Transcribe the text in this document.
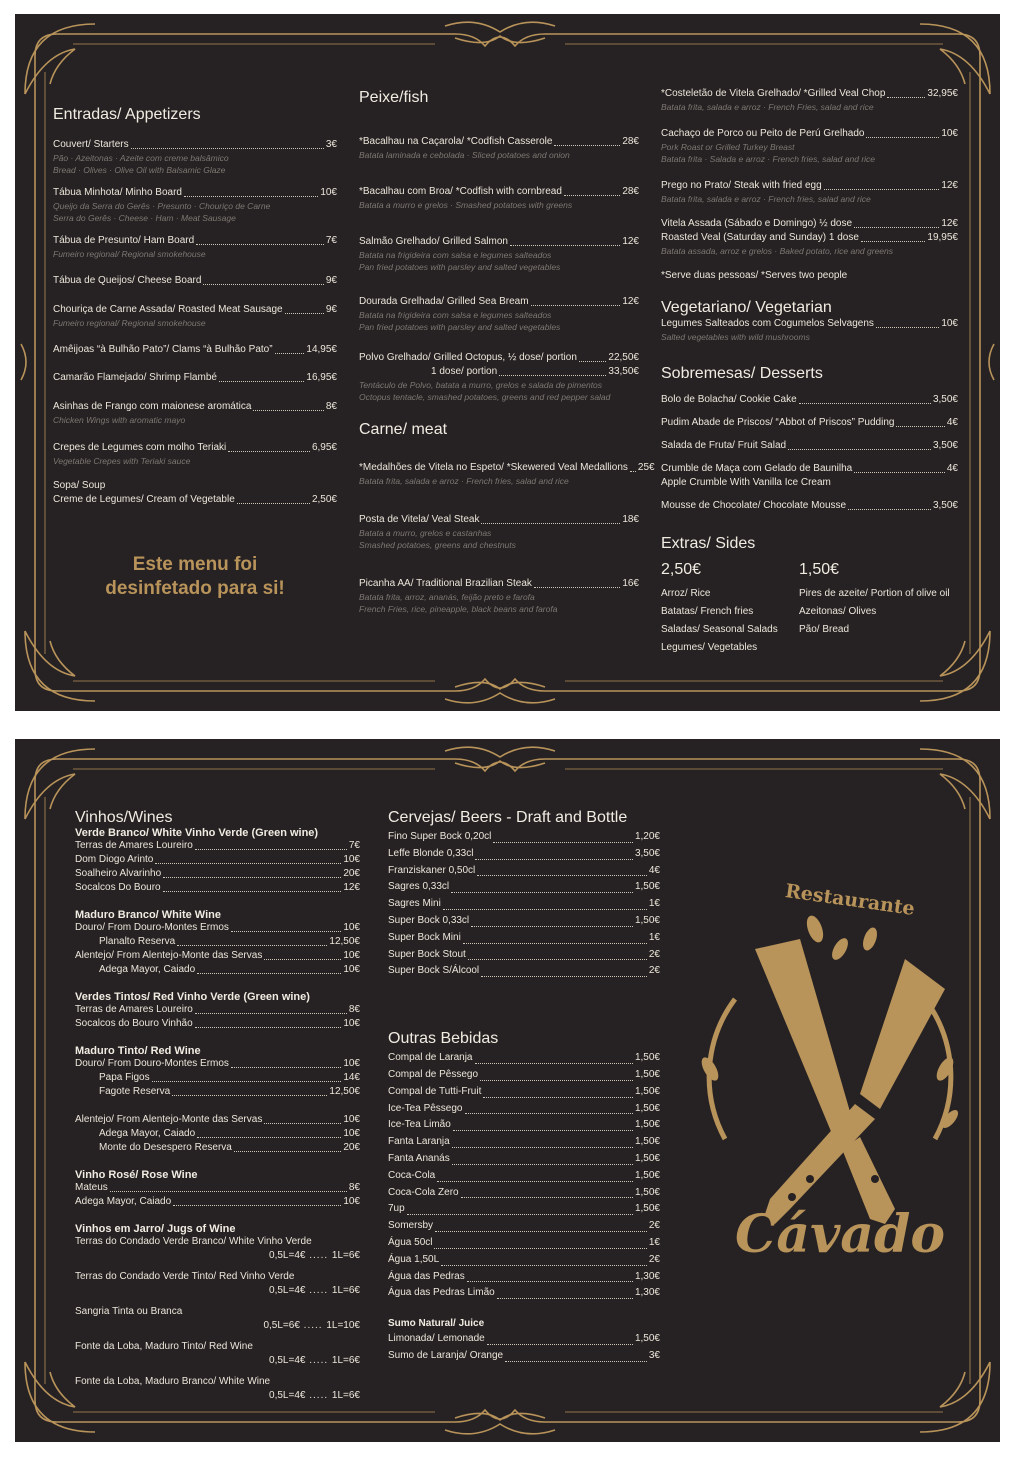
Entradas/ Appetizers
Couvert/ Starters	3€
Pão · Azeitonas · Azeite com creme balsâmico
Bread · Olives · Olive Oil with Balsamic Glaze
Tábua Minhota/ Minho Board	10€
Queijo da Serra do Gerês · Presunto · Chouriço de Carne
Serra do Gerês · Cheese · Ham · Meat Sausage
Tábua de Presunto/ Ham Board	7€
Fumeiro regional/ Regional smokehouse
Tábua de Queijos/ Cheese Board	9€
Chouriça de Carne Assada/ Roasted Meat Sausage	9€
Fumeiro regional/ Regional smokehouse
Amêijoas “à Bulhão Pato”/ Clams “à Bulhão Pato”	14,95€
Camarão Flamejado/ Shrimp Flambé	16,95€
Asinhas de Frango com maionese aromática	8€
Chicken Wings with aromatic mayo
Crepes de Legumes com molho Teriaki	6,95€
Vegetable Crepes with Teriaki sauce
Sopa/ Soup
Creme de Legumes/ Cream of Vegetable	2,50€
Este menu foi
desinfetado para si!
Peixe/fish
*Bacalhau na Caçarola/ *Codfish Casserole	28€
Batata laminada e cebolada · Sliced potatoes and onion
*Bacalhau com Broa/ *Codfish with cornbread	28€
Batata a murro e grelos · Smashed potatoes with greens
Salmão Grelhado/ Grilled Salmon	12€
Batata na frigideira com salsa e legumes salteados
Pan fried potatoes with parsley and salted vegetables
Dourada Grelhada/ Grilled Sea Bream	12€
Batata na frigideira com salsa e legumes salteados
Pan fried potatoes with parsley and salted vegetables
Polvo Grelhado/ Grilled Octopus, ½ dose/ portion	22,50€
1 dose/ portion	33,50€
Tentáculo de Polvo, batata a murro, grelos e salada de pimentos
Octopus tentacle, smashed potatoes, greens and red pepper salad
Carne/ meat
*Medalhões de Vitela no Espeto/ *Skewered Veal Medallions 25€
Batata frita, salada e arroz · French fries, salad and rice
Posta de Vitela/ Veal Steak	18€
Batata a murro, grelos e castanhas
Smashed potatoes, greens and chestnuts
Picanha AA/ Traditional Brazilian Steak	16€
Batata frita, arroz, ananás, feijão preto e farofa
French Fries, rice, pineapple, black beans and farofa
*Costeletão de Vitela Grelhado/ *Grilled Veal Chop	32,95€
Batata frita, salada e arroz · French Fries, salad and rice
Cachaço de Porco ou Peito de Perú Grelhado	10€
Pork Roast or Grilled Turkey Breast
Batata frita · Salada e arroz · French fries, salad and rice
Prego no Prato/ Steak with fried egg	12€
Batata frita, salada e arroz · French fries, salad and rice
Vitela Assada (Sábado e Domingo) ½ dose	12€
Roasted Veal (Saturday and Sunday) 1 dose	19,95€
Batata assada, arroz e grelos · Baked potato, rice and greens
*Serve duas pessoas/ *Serves two people
Vegetariano/ Vegetarian
Legumes Salteados com Cogumelos Selvagens	10€
Salted vegetables with wild mushrooms
Sobremesas/ Desserts
Bolo de Bolacha/ Cookie Cake	3,50€
Pudim Abade de Priscos/ “Abbot of Priscos” Pudding	4€
Salada de Fruta/ Fruit Salad	3,50€
Crumble de Maça com Gelado de Baunilha	4€
Apple Crumble With Vanilla Ice Cream
Mousse de Chocolate/ Chocolate Mousse	3,50€
Extras/ Sides
2,50€
Arroz/ Rice
Batatas/ French fries
Saladas/ Seasonal Salads
Legumes/ Vegetables
1,50€
Pires de azeite/ Portion of olive oil
Azeitonas/ Olives
Pão/ Bread
Vinhos/Wines
Verde Branco/ White Vinho Verde (Green wine)
Terras de Amares Loureiro	7€
Dom Diogo Arinto	10€
Soalheiro Alvarinho	20€
Socalcos Do Bouro	12€
Maduro Branco/ White Wine
Douro/ From Douro-Montes Ermos	10€
Planalto Reserva	12,50€
Alentejo/ From Alentejo-Monte das Servas	10€
Adega Mayor, Caiado	10€
Verdes Tintos/ Red Vinho Verde (Green wine)
Terras de Amares Loureiro	8€
Socalcos do Bouro Vinhão	10€
Maduro Tinto/ Red Wine
Douro/ From Douro-Montes Ermos	10€
Papa Figos	14€
Fagote Reserva	12,50€
Alentejo/ From Alentejo-Monte das Servas	10€
Adega Mayor, Caiado	10€
Monte do Desespero Reserva	20€
Vinho Rosé/ Rose Wine
Mateus	8€
Adega Mayor, Caiado	10€
Vinhos em Jarro/ Jugs of Wine
Terras do Condado Verde Branco/ White Vinho Verde
0,5L=4€ ..... 1L=6€
Terras do Condado Verde Tinto/ Red Vinho Verde
0,5L=4€ ..... 1L=6€
Sangria Tinta ou Branca
0,5L=6€ ..... 1L=10€
Fonte da Loba, Maduro Tinto/ Red Wine
0,5L=4€ ..... 1L=6€
Fonte da Loba, Maduro Branco/ White Wine
0,5L=4€ ..... 1L=6€
Cervejas/ Beers - Draft and Bottle
Fino Super Bock 0,20cl	1,20€
Leffe Blonde 0,33cl	3,50€
Franziskaner 0,50cl	4€
Sagres 0,33cl	1,50€
Sagres Mini	1€
Super Bock 0,33cl	1,50€
Super Bock Mini	1€
Super Bock Stout	2€
Super Bock S/Álcool	2€
Outras Bebidas
Compal de Laranja	1,50€
Compal de Pêssego	1,50€
Compal de Tutti-Fruit	1,50€
Ice-Tea Pêssego	1,50€
Ice-Tea Limão	1,50€
Fanta Laranja	1,50€
Fanta Ananás	1,50€
Coca-Cola	1,50€
Coca-Cola Zero	1,50€
7up	1,50€
Somersby	2€
Água 50cl	1€
Água 1,50L	2€
Água das Pedras	1,30€
Água das Pedras Limão	1,30€
Sumo Natural/ Juice
Limonada/ Lemonade	1,50€
Sumo de Laranja/ Orange	3€
Restaurante
Cávado
